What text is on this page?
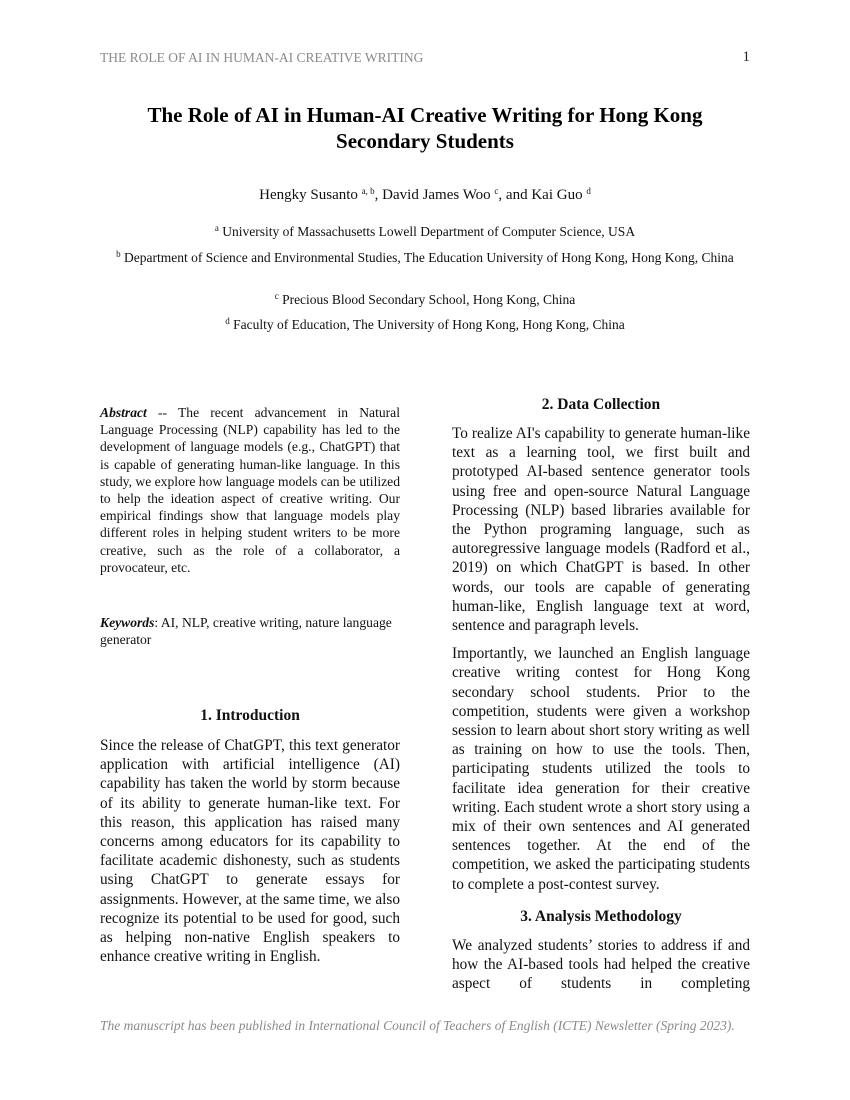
THE ROLE OF AI IN HUMAN-AI CREATIVE WRITING	1
The Role of AI in Human-AI Creative Writing for Hong Kong
Secondary Students
Hengky Susanto $^{a, b}$, David James Woo $^c$, and Kai Guo $^d$
$^a$ University of Massachusetts Lowell Department of Computer Science, USA
$^b$ Department of Science and Environmental Studies, The Education University of Hong Kong, Hong Kong, China
$^c$ Precious Blood Secondary School, Hong Kong, China
$^d$ Faculty of Education, The University of Hong Kong, Hong Kong, China
Abstract -- The recent advancement in Natural Language Processing (NLP) capability has led to the development of language models (e.g., ChatGPT) that is capable of generating human-like language. In this study, we explore how language models can be utilized to help the ideation aspect of creative writing. Our empirical findings show that language models play different roles in helping student writers to be more creative, such as the role of a collaborator, a provocateur, etc.
Keywords: AI, NLP, creative writing, nature language generator
1. Introduction

Since the release of ChatGPT, this text generator application with artificial intelligence (AI) capability has taken the world by storm because of its ability to generate human-like text. For this reason, this application has raised many concerns among educators for its capability to facilitate academic dishonesty, such as students using ChatGPT to generate essays for assignments. However, at the same time, we also recognize its potential to be used for good, such as helping non-native English speakers to enhance creative writing in English.

2. Data Collection

To realize AI's capability to generate human-like text as a learning tool, we first built and prototyped AI-based sentence generator tools using free and open-source Natural Language Processing (NLP) based libraries available for the Python programing language, such as autoregressive language models (Radford et al., 2019) on which ChatGPT is based. In other words, our tools are capable of generating human-like, English language text at word, sentence and paragraph levels.

Importantly, we launched an English language creative writing contest for Hong Kong secondary school students. Prior to the competition, students were given a workshop session to learn about short story writing as well as training on how to use the tools. Then, participating students utilized the tools to facilitate idea generation for their creative writing. Each student wrote a short story using a mix of their own sentences and AI generated sentences together. At the end of the competition, we asked the participating students to complete a post-contest survey.

3. Analysis Methodology

We analyzed students’ stories to address if and how the AI-based tools had helped the creative aspect of students in completing

The manuscript has been published in International Council of Teachers of English (ICTE) Newsletter (Spring 2023).
